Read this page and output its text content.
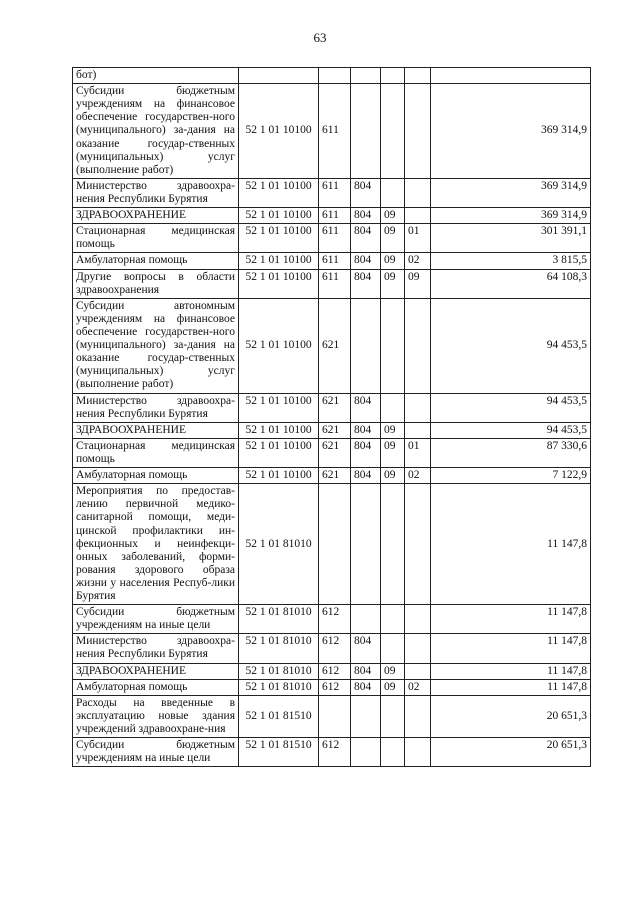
63
бот)						
Субсидии бюджетным учреждениям на финансовое обеспечение государствен-ного (муниципального) за-дания на оказание государ-ственных (муниципальных) услуг (выполнение работ)	52 1 01 10100	611				369 314,9
Министерство здравоохра-нения Республики Бурятия	52 1 01 10100	611	804			369 314,9
ЗДРАВООХРАНЕНИЕ	52 1 01 10100	611	804	09		369 314,9
Стационарная медицинская помощь	52 1 01 10100	611	804	09	01	301 391,1
Амбулаторная помощь	52 1 01 10100	611	804	09	02	3 815,5
Другие вопросы в области здравоохранения	52 1 01 10100	611	804	09	09	64 108,3
Субсидии автономным учреждениям на финансовое обеспечение государствен-ного (муниципального) за-дания на оказание государ-ственных (муниципальных) услуг (выполнение работ)	52 1 01 10100	621				94 453,5
Министерство здравоохра-нения Республики Бурятия	52 1 01 10100	621	804			94 453,5
ЗДРАВООХРАНЕНИЕ	52 1 01 10100	621	804	09		94 453,5
Стационарная медицинская помощь	52 1 01 10100	621	804	09	01	87 330,6
Амбулаторная помощь	52 1 01 10100	621	804	09	02	7 122,9
Мероприятия по предостав-лению первичной медико-санитарной помощи, меди-цинской профилактики ин-фекционных и неинфекци-онных заболеваний, форми-рования здорового образа жизни у населения Респуб-лики Бурятия	52 1 01 81010					11 147,8
Субсидии бюджетным учреждениям на иные цели	52 1 01 81010	612				11 147,8
Министерство здравоохра-нения Республики Бурятия	52 1 01 81010	612	804			11 147,8
ЗДРАВООХРАНЕНИЕ	52 1 01 81010	612	804	09		11 147,8
Амбулаторная помощь	52 1 01 81010	612	804	09	02	11 147,8
Расходы на введенные в эксплуатацию новые здания учреждений здравоохране-ния	52 1 01 81510					20 651,3
Субсидии бюджетным учреждениям на иные цели	52 1 01 81510	612				20 651,3
